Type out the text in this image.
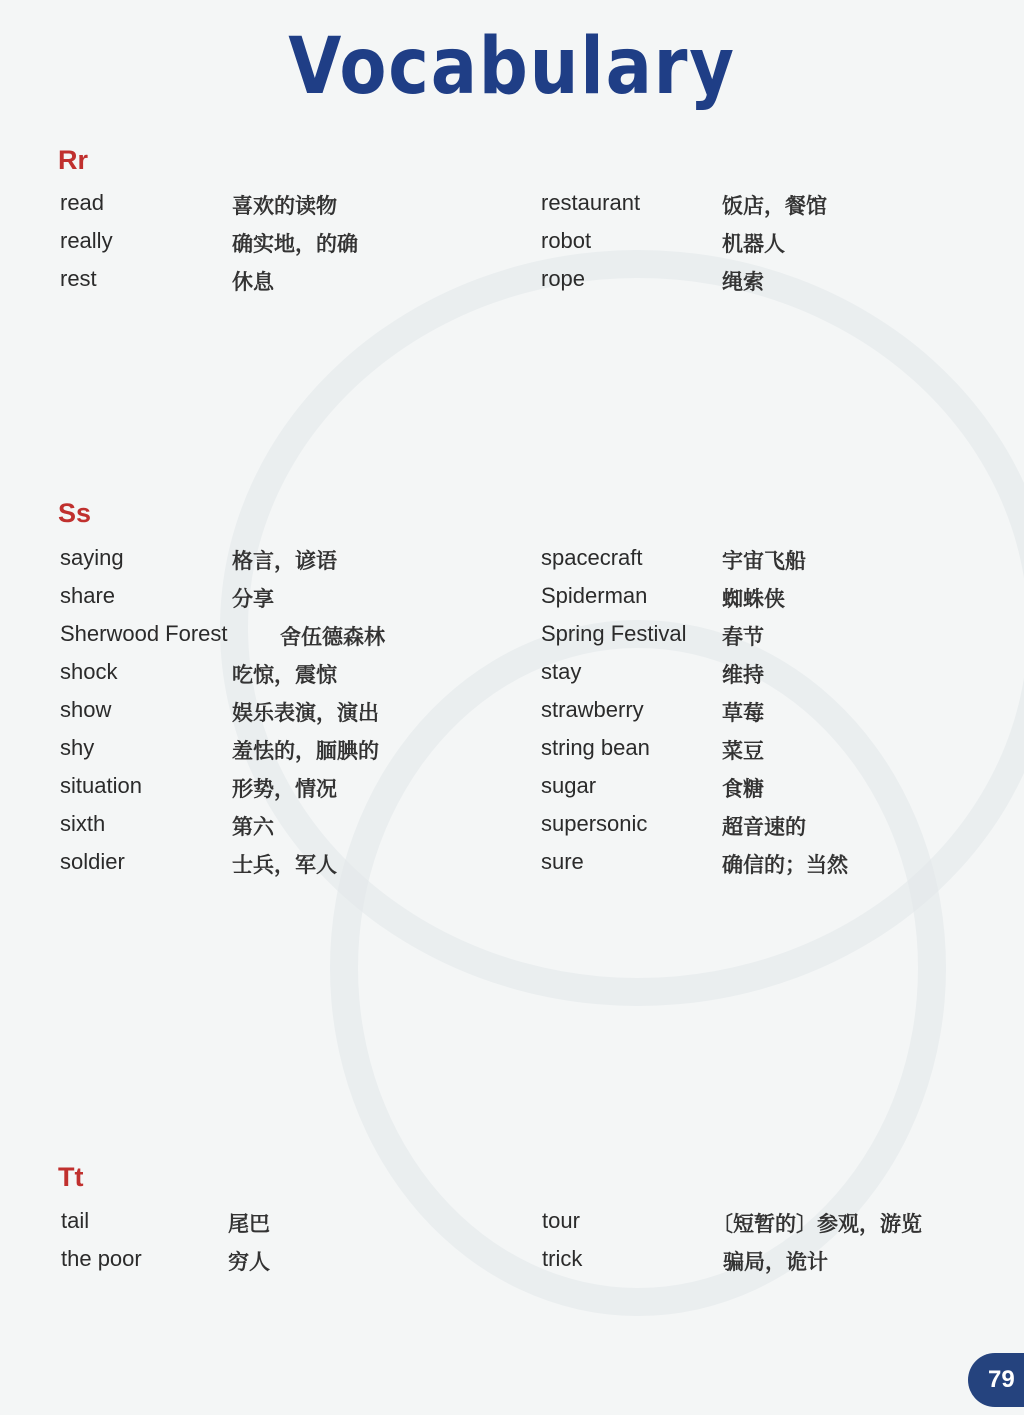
Vocabulary
Rr
read	喜欢的读物
really	确实地，的确
rest	休息
restaurant	饭店，餐馆
robot	机器人
rope	绳索
Ss
saying	格言，谚语
share	分享
Sherwood Forest 舍伍德森林
shock	吃惊，震惊
show	娱乐表演，演出
shy	羞怯的，腼腆的
situation	形势，情况
sixth	第六
soldier	士兵，军人
spacecraft	宇宙飞船
Spiderman	蜘蛛侠
Spring Festival 春节
stay	维持
strawberry	草莓
string bean	菜豆
sugar	食糖
supersonic	超音速的
sure	确信的；当然
Tt
tail	尾巴
the poor	穷人
tour	〔短暂的〕参观，游览
trick	骗局，诡计
79
